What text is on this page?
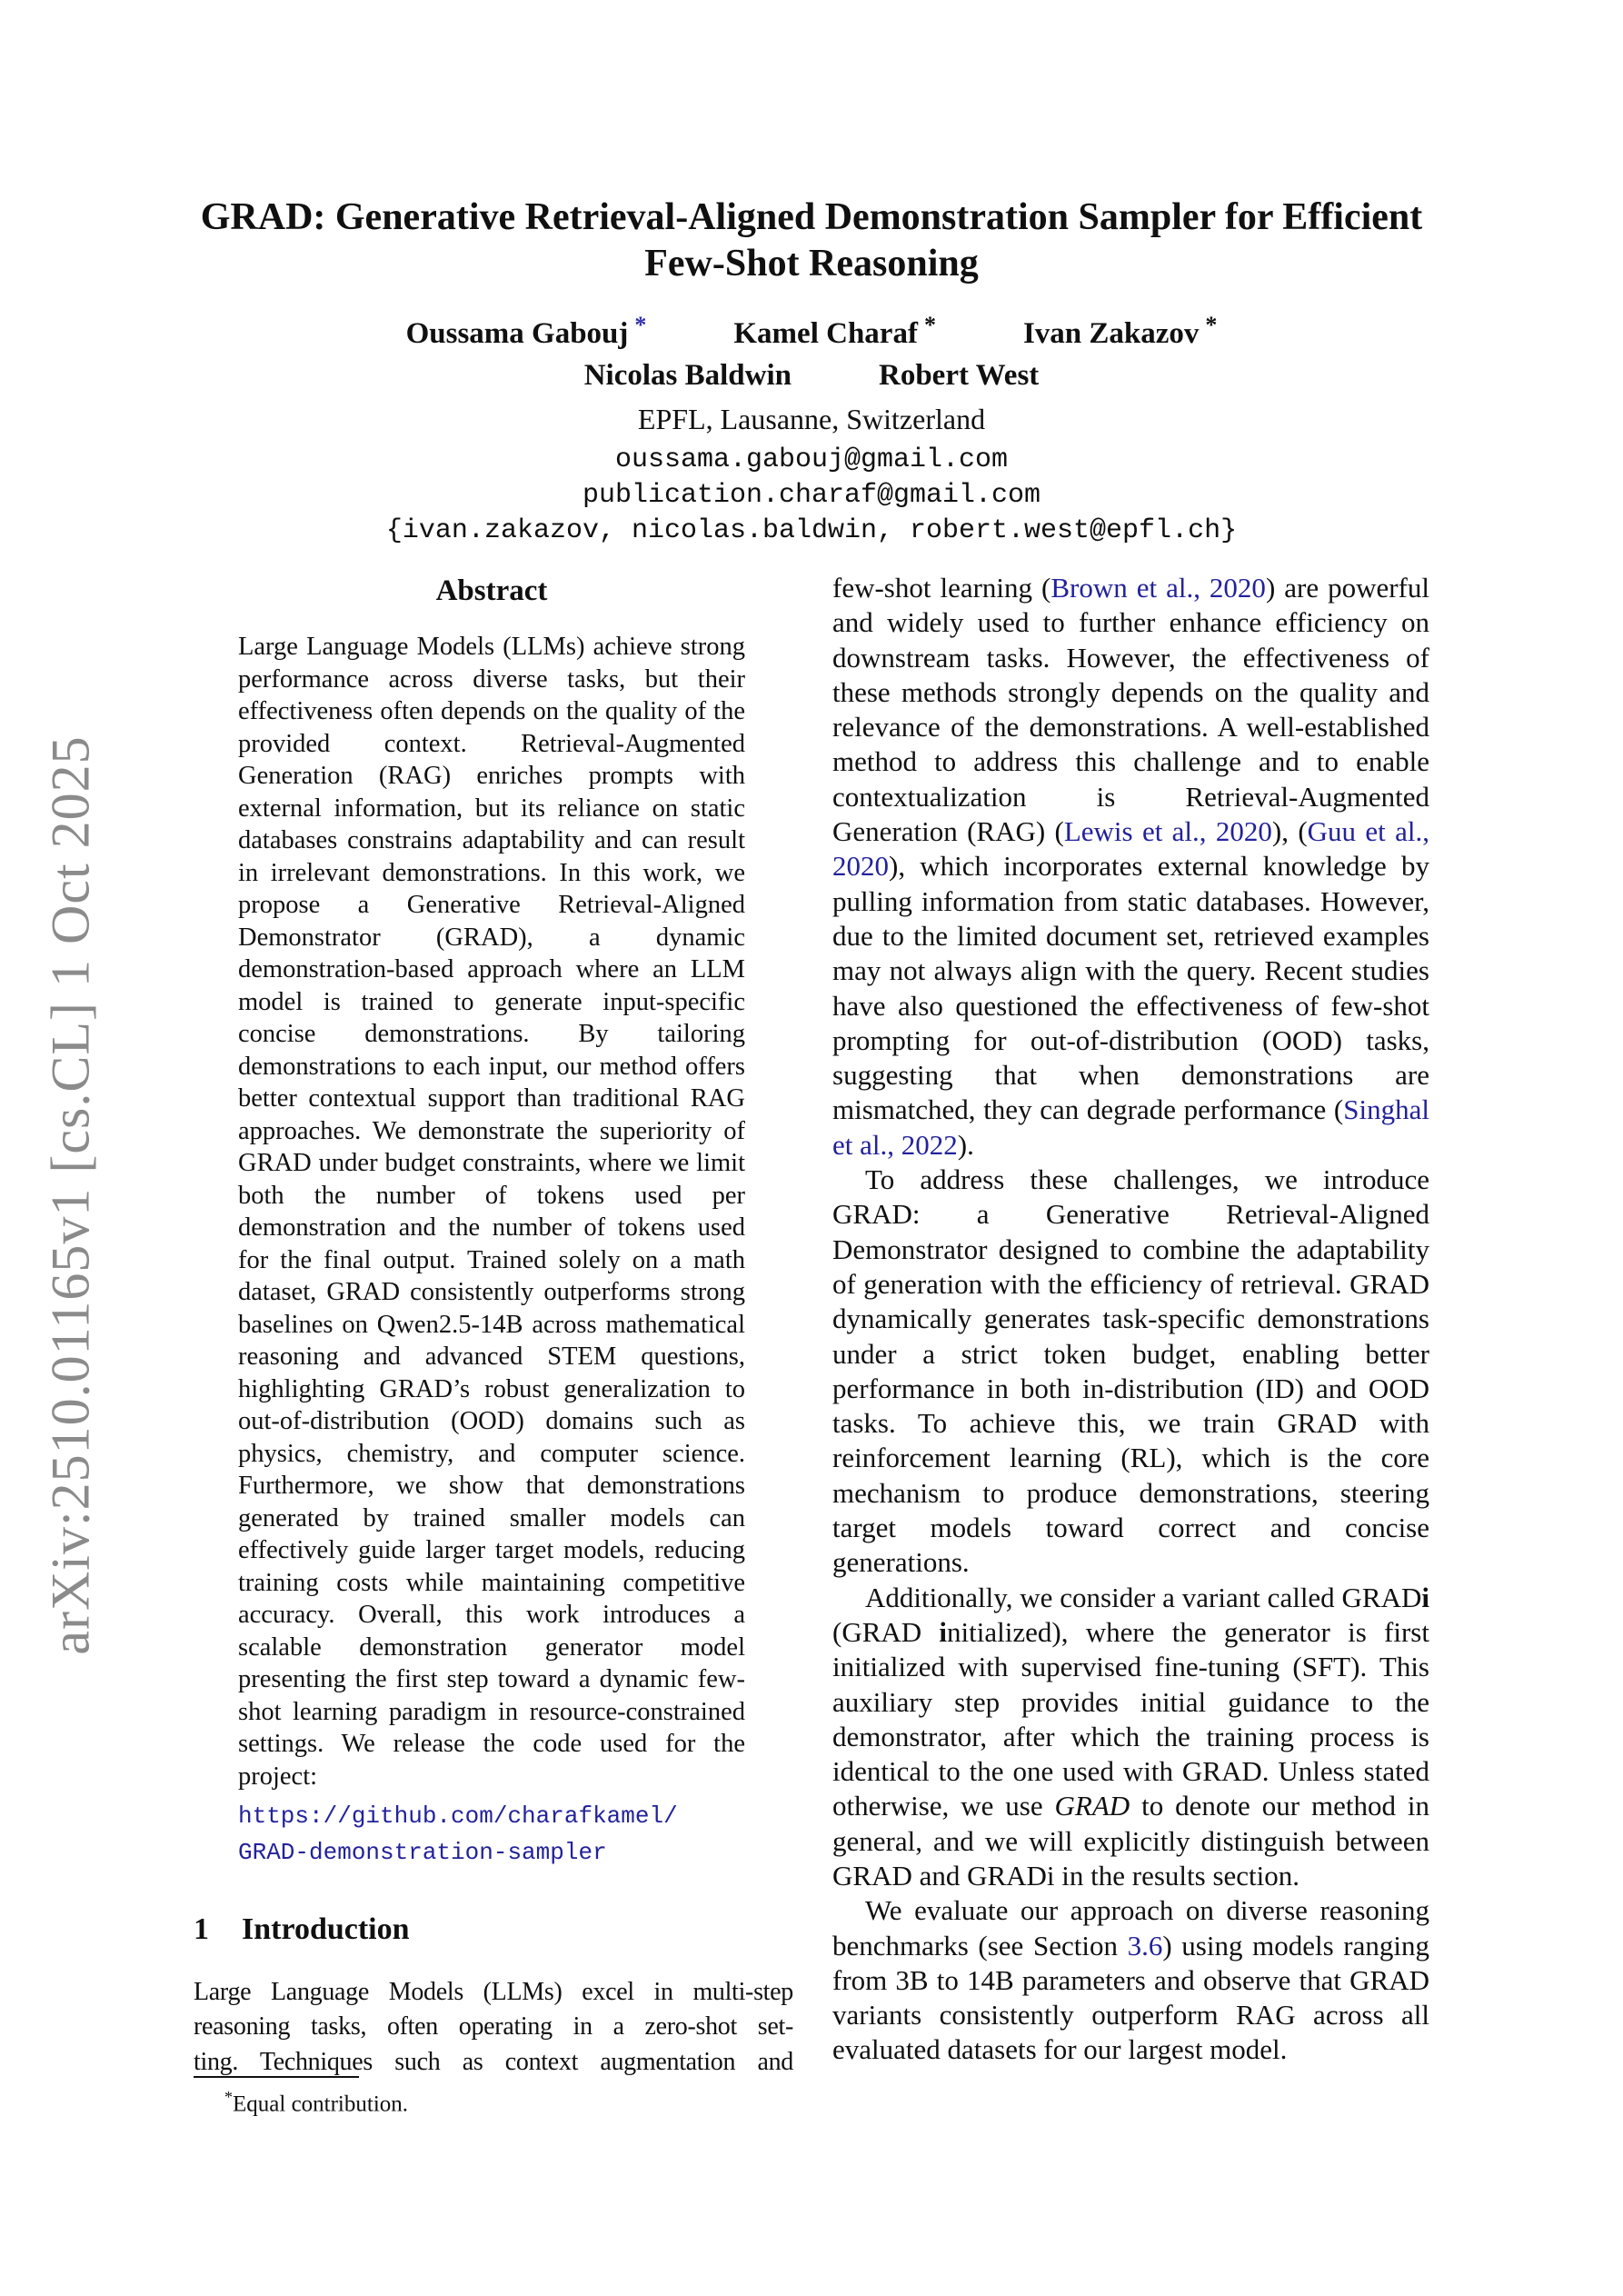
arXiv:2510.01165v1 [cs.CL] 1 Oct 2025
GRAD: Generative Retrieval-Aligned Demonstration Sampler for Efficient
Few-Shot Reasoning
Oussama Gabouj *	Kamel Charaf *	Ivan Zakazov *
Nicolas Baldwin	Robert West
EPFL, Lausanne, Switzerland
oussama.gabouj@gmail.com
publication.charaf@gmail.com
{ivan.zakazov, nicolas.baldwin, robert.west@epfl.ch}
Abstract

Large Language Models (LLMs) achieve strong performance across diverse tasks, but their effectiveness often depends on the quality of the provided context. Retrieval-Augmented Generation (RAG) enriches prompts with external information, but its reliance on static databases constrains adaptability and can result in irrelevant demonstrations. In this work, we propose a Generative Retrieval-Aligned Demonstrator (GRAD), a dynamic demonstration-based approach where an LLM model is trained to generate input-specific concise demonstrations. By tailoring demonstrations to each input, our method offers better contextual support than traditional RAG approaches. We demonstrate the superiority of GRAD under budget constraints, where we limit both the number of tokens used per demonstration and the number of tokens used for the final output. Trained solely on a math dataset, GRAD consistently outperforms strong baselines on Qwen2.5-14B across mathematical reasoning and advanced STEM questions, highlighting GRAD’s robust generalization to out-of-distribution (OOD) domains such as physics, chemistry, and computer science. Furthermore, we show that demonstrations generated by trained smaller models can effectively guide larger target models, reducing training costs while maintaining competitive accuracy. Overall, this work introduces a scalable demonstration generator model presenting the first step toward a dynamic few-shot learning paradigm in resource-constrained settings. We release the code used for the project:

https://github.com/charafkamel/
GRAD-demonstration-sampler
1 Introduction
Large Language Models (LLMs) excel in multi-step
reasoning tasks, often operating in a zero-shot set-
ting. Techniques such as context augmentation and

few-shot learning (Brown et al., 2020) are powerful and widely used to further enhance efficiency on downstream tasks. However, the effectiveness of these methods strongly depends on the quality and relevance of the demonstrations. A well-established method to address this challenge and to enable contextualization is Retrieval-Augmented Generation (RAG) (Lewis et al., 2020), (Guu et al., 2020), which incorporates external knowledge by pulling information from static databases. However, due to the limited document set, retrieved examples may not always align with the query. Recent studies have also questioned the effectiveness of few-shot prompting for out-of-distribution (OOD) tasks, suggesting that when demonstrations are mismatched, they can degrade performance (Singhal et al., 2022).

To address these challenges, we introduce GRAD: a Generative Retrieval-Aligned Demonstrator designed to combine the adaptability of generation with the efficiency of retrieval. GRAD dynamically generates task-specific demonstrations under a strict token budget, enabling better performance in both in-distribution (ID) and OOD tasks. To achieve this, we train GRAD with reinforcement learning (RL), which is the core mechanism to produce demonstrations, steering target models toward correct and concise generations.

Additionally, we consider a variant called GRADi (GRAD initialized), where the generator is first initialized with supervised fine-tuning (SFT). This auxiliary step provides initial guidance to the demonstrator, after which the training process is identical to the one used with GRAD. Unless stated otherwise, we use GRAD to denote our method in general, and we will explicitly distinguish between GRAD and GRADi in the results section.

We evaluate our approach on diverse reasoning benchmarks (see Section 3.6) using models ranging from 3B to 14B parameters and observe that GRAD variants consistently outperform RAG across all evaluated datasets for our largest model.

*Equal contribution.
